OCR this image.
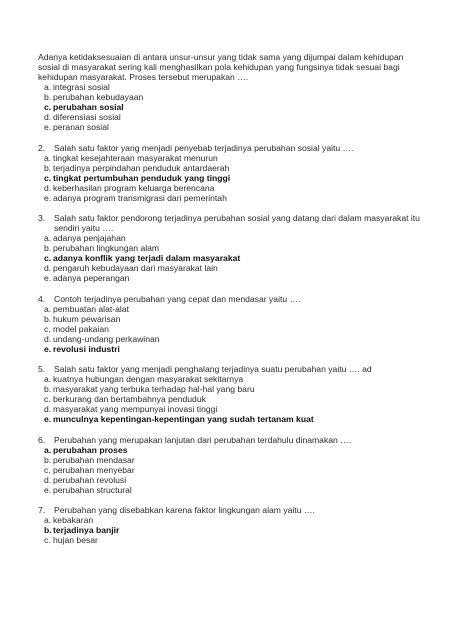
Adanya ketidaksesuaian di antara unsur-unsur yang tidak sama yang dijumpai dalam kehidupan sosial di masyarakat sering kali menghasilkan pola kehidupan yang fungsinya tidak sesuai bagi kehidupan masyarakat. Proses tersebut merupakan ….
a. integrasi sosial
b. perubahan kebudayaan
c. perubahan sosial
d. diferensiasi sosial
e. peranan sosial
2. Salah satu faktor yang menjadi penyebab terjadinya perubahan sosial yaitu ….
a. tingkat kesejahteraan masyarakat menurun
b. terjadinya perpindahan penduduk antardaerah
c. tingkat pertumbuhan penduduk yang tinggi
d. keberhasilan program keluarga berencana
e. adanya program transmigrasi dari pemerintah
3. Salah satu faktor pendorong terjadinya perubahan sosial yang datang dari dalam masyarakat itu sendiri yaitu ….
a. adanya penjajahan
b. perubahan lingkungan alam
c. adanya konflik yang terjadi dalam masyarakat
d. pengaruh kebudayaan dari masyarakat lain
e. adanya peperangan
4. Contoh terjadinya perubahan yang cepat dan mendasar yaitu ….
a. pembuatan alat-alat
b. hukum pewarisan
c. model pakaian
d. undang-undang perkawinan
e. revolusi industri
5. Salah satu faktor yang menjadi penghalang terjadinya suatu perubahan yaitu …. ad
a. kuatnya hubungan dengan masyarakat sekitarnya
b. masyarakat yang terbuka terhadap hal-hal yang baru
c. berkurang dan bertambahnya penduduk
d. masyarakat yang mempunyai inovasi tinggi
e. munculnya kepentingan-kepentingan yang sudah tertanam kuat
6. Perubahan yang merupakan lanjutan dari perubahan terdahulu dinamakan ….
a. perubahan proses
b. perubahan mendasar
c. perubahan menyebar
d. perubahan revolusi
e. perubahan structural
7. Perubahan yang disebabkan karena faktor lingkungan alam yaitu ….
a. kebakaran
b. terjadinya banjir
c. hujan besar
